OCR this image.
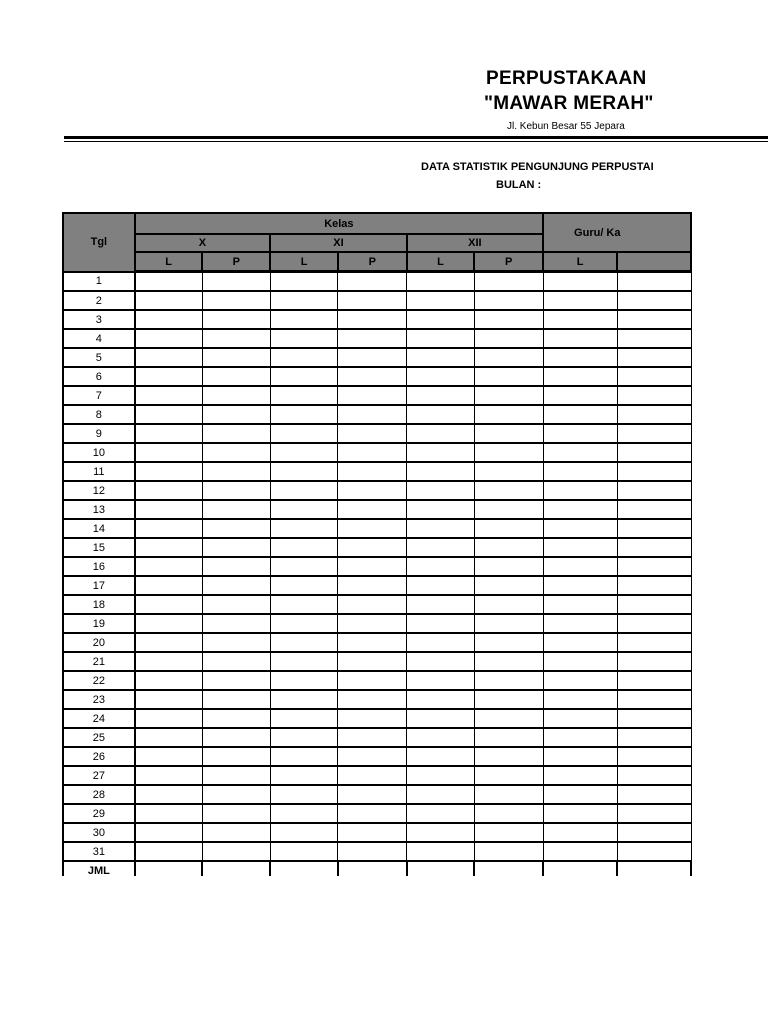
PERPUSTAKAAN
"MAWAR MERAH"
Jl. Kebun Besar 55 Jepara
DATA STATISTIK PENGUNJUNG PERPUSTAI
BULAN :
Tgl	Kelas						Guru/ Ka	
	X		XI		XII			
	L	P	L	P	L	P	L	
1								
2								
3								
4								
5								
6								
7								
8								
9								
10								
11								
12								
13								
14								
15								
16								
17								
18								
19								
20								
21								
22								
23								
24								
25								
26								
27								
28								
29								
30								
31								
JML								
